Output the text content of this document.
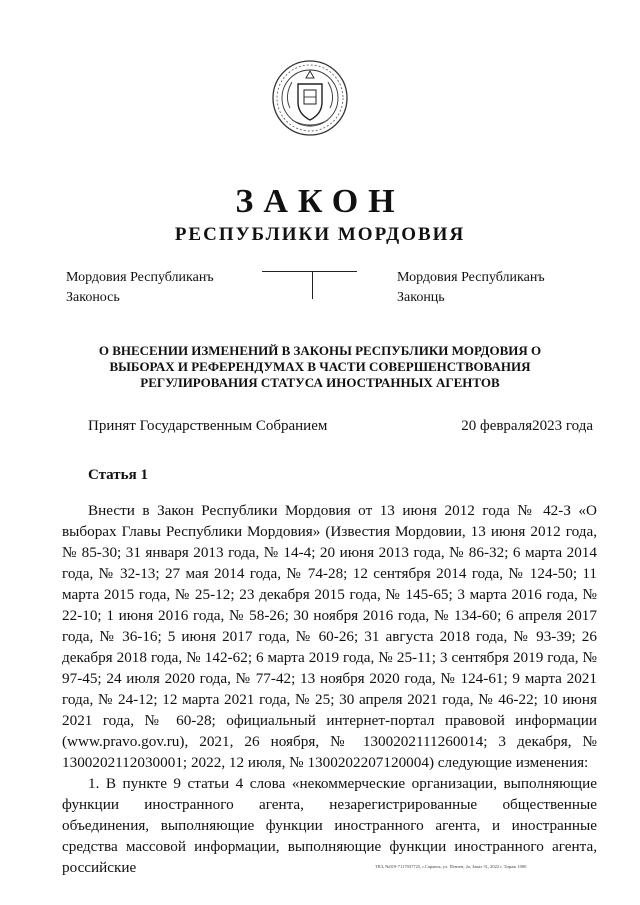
ЗАКОН
РЕСПУБЛИКИ МОРДОВИЯ
Мордовия Республиканъ
Законось
Мордовия Республиканъ
Законць

О ВНЕСЕНИИ ИЗМЕНЕНИЙ В ЗАКОНЫ РЕСПУБЛИКИ МОРДОВИЯ О ВЫБОРАХ И РЕФЕРЕНДУМАХ В ЧАСТИ СОВЕРШЕНСТВОВАНИЯ РЕГУЛИРОВАНИЯ СТАТУСА ИНОСТРАННЫХ АГЕНТОВ

Принят Государственным Собранием	20 февраля2023 года
Статья 1

Внести в Закон Республики Мордовия от 13 июня 2012 года № 42-З «О выборах Главы Республики Мордовия» (Известия Мордовии, 13 июня 2012 года, № 85-30; 31 января 2013 года, № 14-4; 20 июня 2013 года, № 86-32; 6 марта 2014 года, № 32-13; 27 мая 2014 года, № 74-28; 12 сентября 2014 года, № 124-50; 11 марта 2015 года, № 25-12; 23 декабря 2015 года, № 145-65; 3 марта 2016 года, № 22-10; 1 июня 2016 года, № 58-26; 30 ноября 2016 года, № 134-60; 6 апреля 2017 года, № 36-16; 5 июня 2017 года, № 60-26; 31 августа 2018 года, № 93-39; 26 декабря 2018 года, № 142-62; 6 марта 2019 года, № 25-11; 3 сентября 2019 года, № 97-45; 24 июля 2020 года, № 77-42; 13 ноября 2020 года, № 124-61; 9 марта 2021 года, № 24-12; 12 марта 2021 года, № 25; 30 апреля 2021 года, № 46-22; 10 июня 2021 года, № 60-28; официальный интернет-портал правовой информации (www.pravo.gov.ru), 2021, 26 ноября, № 1300202111260014; 3 декабря, № 1300202112030001; 2022, 12 июля, № 1300202207120004) следующие изменения:

1. В пункте 9 статьи 4 слова «некоммерческие организации, выполняющие функции иностранного агента, незарегистрированные общественные объединения, выполняющие функции иностранного агента, и иностранные средства массовой информации, выполняющие функции иностранного агента, российские	ТКЗ, №019-7117037725, г.Саранск, ул. Пензен, 2а, Заказ 31, 2022 г. Тираж 1000
